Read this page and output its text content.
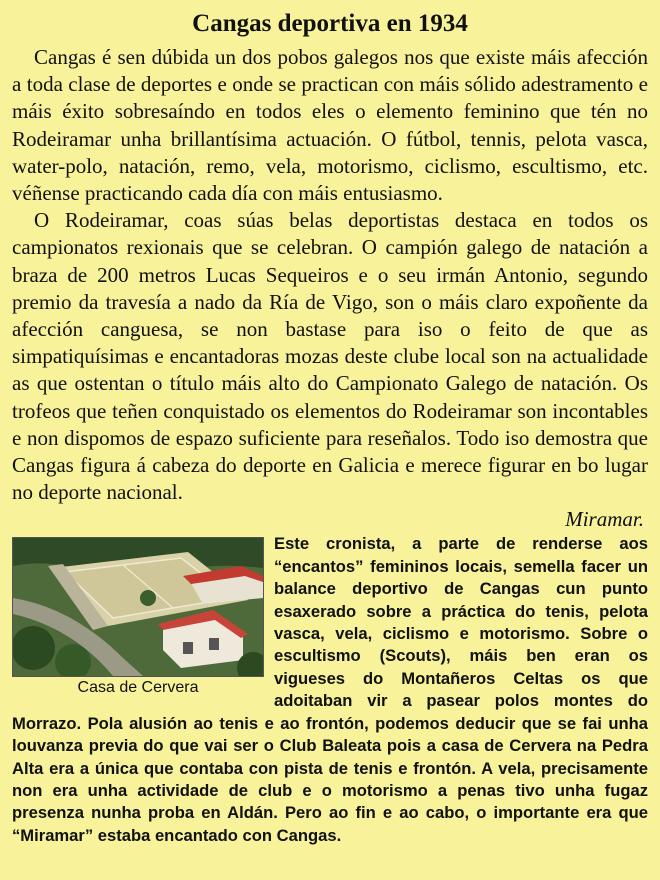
Cangas deportiva en 1934

Cangas é sen dúbida un dos pobos galegos nos que existe máis afección a toda clase de deportes e onde se practican con máis sólido adestramento e máis éxito sobresaíndo en todos eles o elemento feminino que tén no Rodeiramar unha brillantísima actuación. O fútbol, tennis, pelota vasca, water-polo, natación, remo, vela, motorismo, ciclismo, escultismo, etc. véñense practicando cada día con máis entusiasmo.

O Rodeiramar, coas súas belas deportistas destaca en todos os campionatos rexionais que se celebran. O campión galego de natación a braza de 200 metros Lucas Sequeiros e o seu irmán Antonio, segundo premio da travesía a nado da Ría de Vigo, son o máis claro expoñente da afección canguesa, se non bastase para iso o feito de que as simpatiquísimas e encantadoras mozas deste clube local son na actualidade as que ostentan o título máis alto do Campionato Galego de natación. Os trofeos que teñen conquistado os elementos do Rodeiramar son incontables e non dispomos de espazo suficiente para reseñalos. Todo iso demostra que Cangas figura á cabeza do deporte en Galicia e merece figurar en bo lugar no deporte nacional.

Miramar.

Casa de Cervera

Este cronista, a parte de renderse aos “encantos” femininos locais, semella facer un balance deportivo de Cangas cun punto esaxerado sobre a práctica do tenis, pelota vasca, vela, ciclismo e motorismo. Sobre o escultismo (Scouts), máis ben eran os vigueses do Montañeros Celtas os que adoitaban vir a pasear polos montes do Morrazo. Pola alusión ao tenis e ao frontón, podemos deducir que se fai unha louvanza previa do que vai ser o Club Baleata pois a casa de Cervera na Pedra Alta era a única que contaba con pista de tenis e frontón. A vela, precisamente non era unha actividade de club e o motorismo a penas tivo unha fugaz presenza nunha proba en Aldán. Pero ao fin e ao cabo, o importante era que “Miramar” estaba encantado con Cangas.
